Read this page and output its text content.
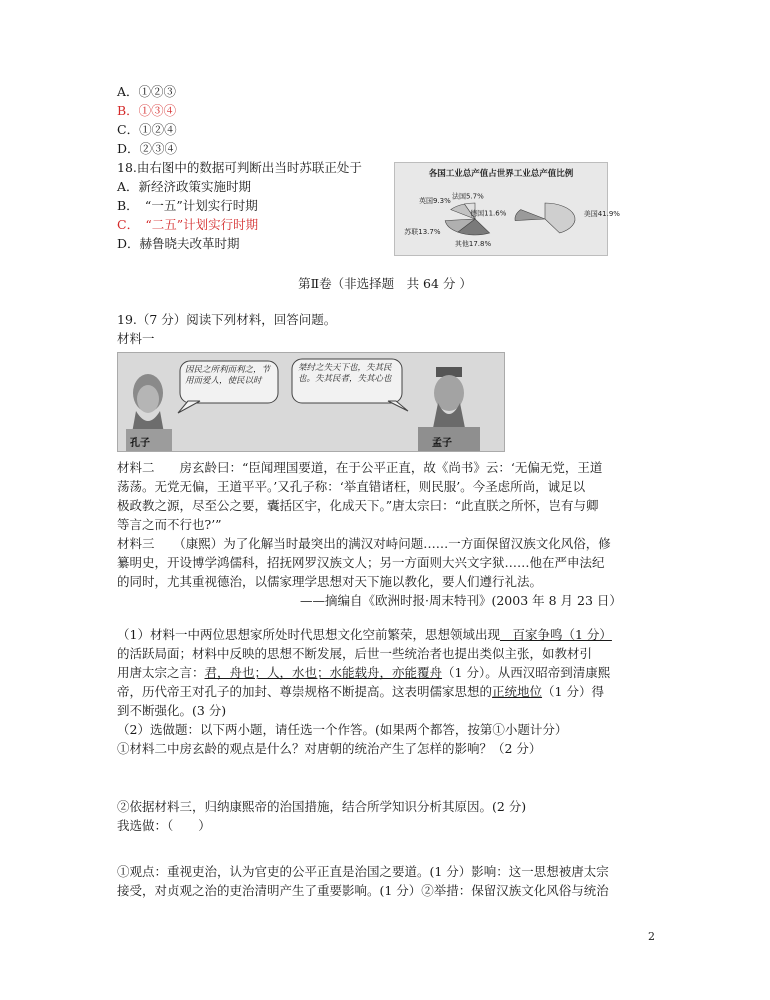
A．①②③
B．①③④
C．①②④
D．②③④
18.由右图中的数据可判断出当时苏联正处于
A．新经济政策实施时期
B．　“一五”计划实行时期
C．　“二五”计划实行时期
D．赫鲁晓夫改革时期
各国工业总产值占世界工业总产值比例
美国41.9%
其他17.8%
苏联13.7%
德国11.6%
英国9.3%
法国5.7%
第Ⅱ卷（非选择题　共 64 分 ）
19.（7 分）阅读下列材料，回答问题。
材料一
孔子
因民之所利而利之，节用而爱人，使民以时
桀纣之失天下也，失其民也。失其民者，失其心也
孟子
材料二　　房玄龄曰：“臣闻理国要道，在于公平正直，故《尚书》云：‘无偏无党，王道
荡荡。无党无偏，王道平平。’又孔子称：‘举直错诸枉，则民服’。今圣虑所尚，诚足以
极政教之源，尽至公之要，囊括区宇，化成天下。”唐太宗曰：“此直朕之所怀，岂有与卿
等言之而不行也?’”
材料三　　（康熙）为了化解当时最突出的满汉对峙问题……一方面保留汉族文化风俗，修
纂明史，开设博学鸿儒科，招抚网罗汉族文人；另一方面则大兴文字狱……他在严申法纪
的同时，尤其重视德治，以儒家理学思想对天下施以教化，要人们遵行礼法。
——摘编自《欧洲时报·周末特刊》(2003 年 8 月 23 日）
（1）材料一中两位思想家所处时代思想文化空前繁荣，思想领域出现　百家争鸣（1 分）
的活跃局面；材料中反映的思想不断发展，后世一些统治者也提出类似主张，如教材引
用唐太宗之言：君，舟也；人，水也；水能载舟，亦能覆舟（1 分）。从西汉昭帝到清康熙
帝，历代帝王对孔子的加封、尊崇规格不断提高。这表明儒家思想的正统地位（1 分）得
到不断强化。(3 分)
（2）选做题：以下两小题，请任选一个作答。(如果两个都答，按第①小题计分）
①材料二中房玄龄的观点是什么？对唐朝的统治产生了怎样的影响？（2 分）
②依据材料三，归纳康熙帝的治国措施，结合所学知识分析其原因。(2 分)
我选做：（　　）
①观点：重视吏治，认为官吏的公平正直是治国之要道。(1 分）影响：这一思想被唐太宗
接受，对贞观之治的吏治清明产生了重要影响。(1 分）②举措：保留汉族文化风俗与统治
2
